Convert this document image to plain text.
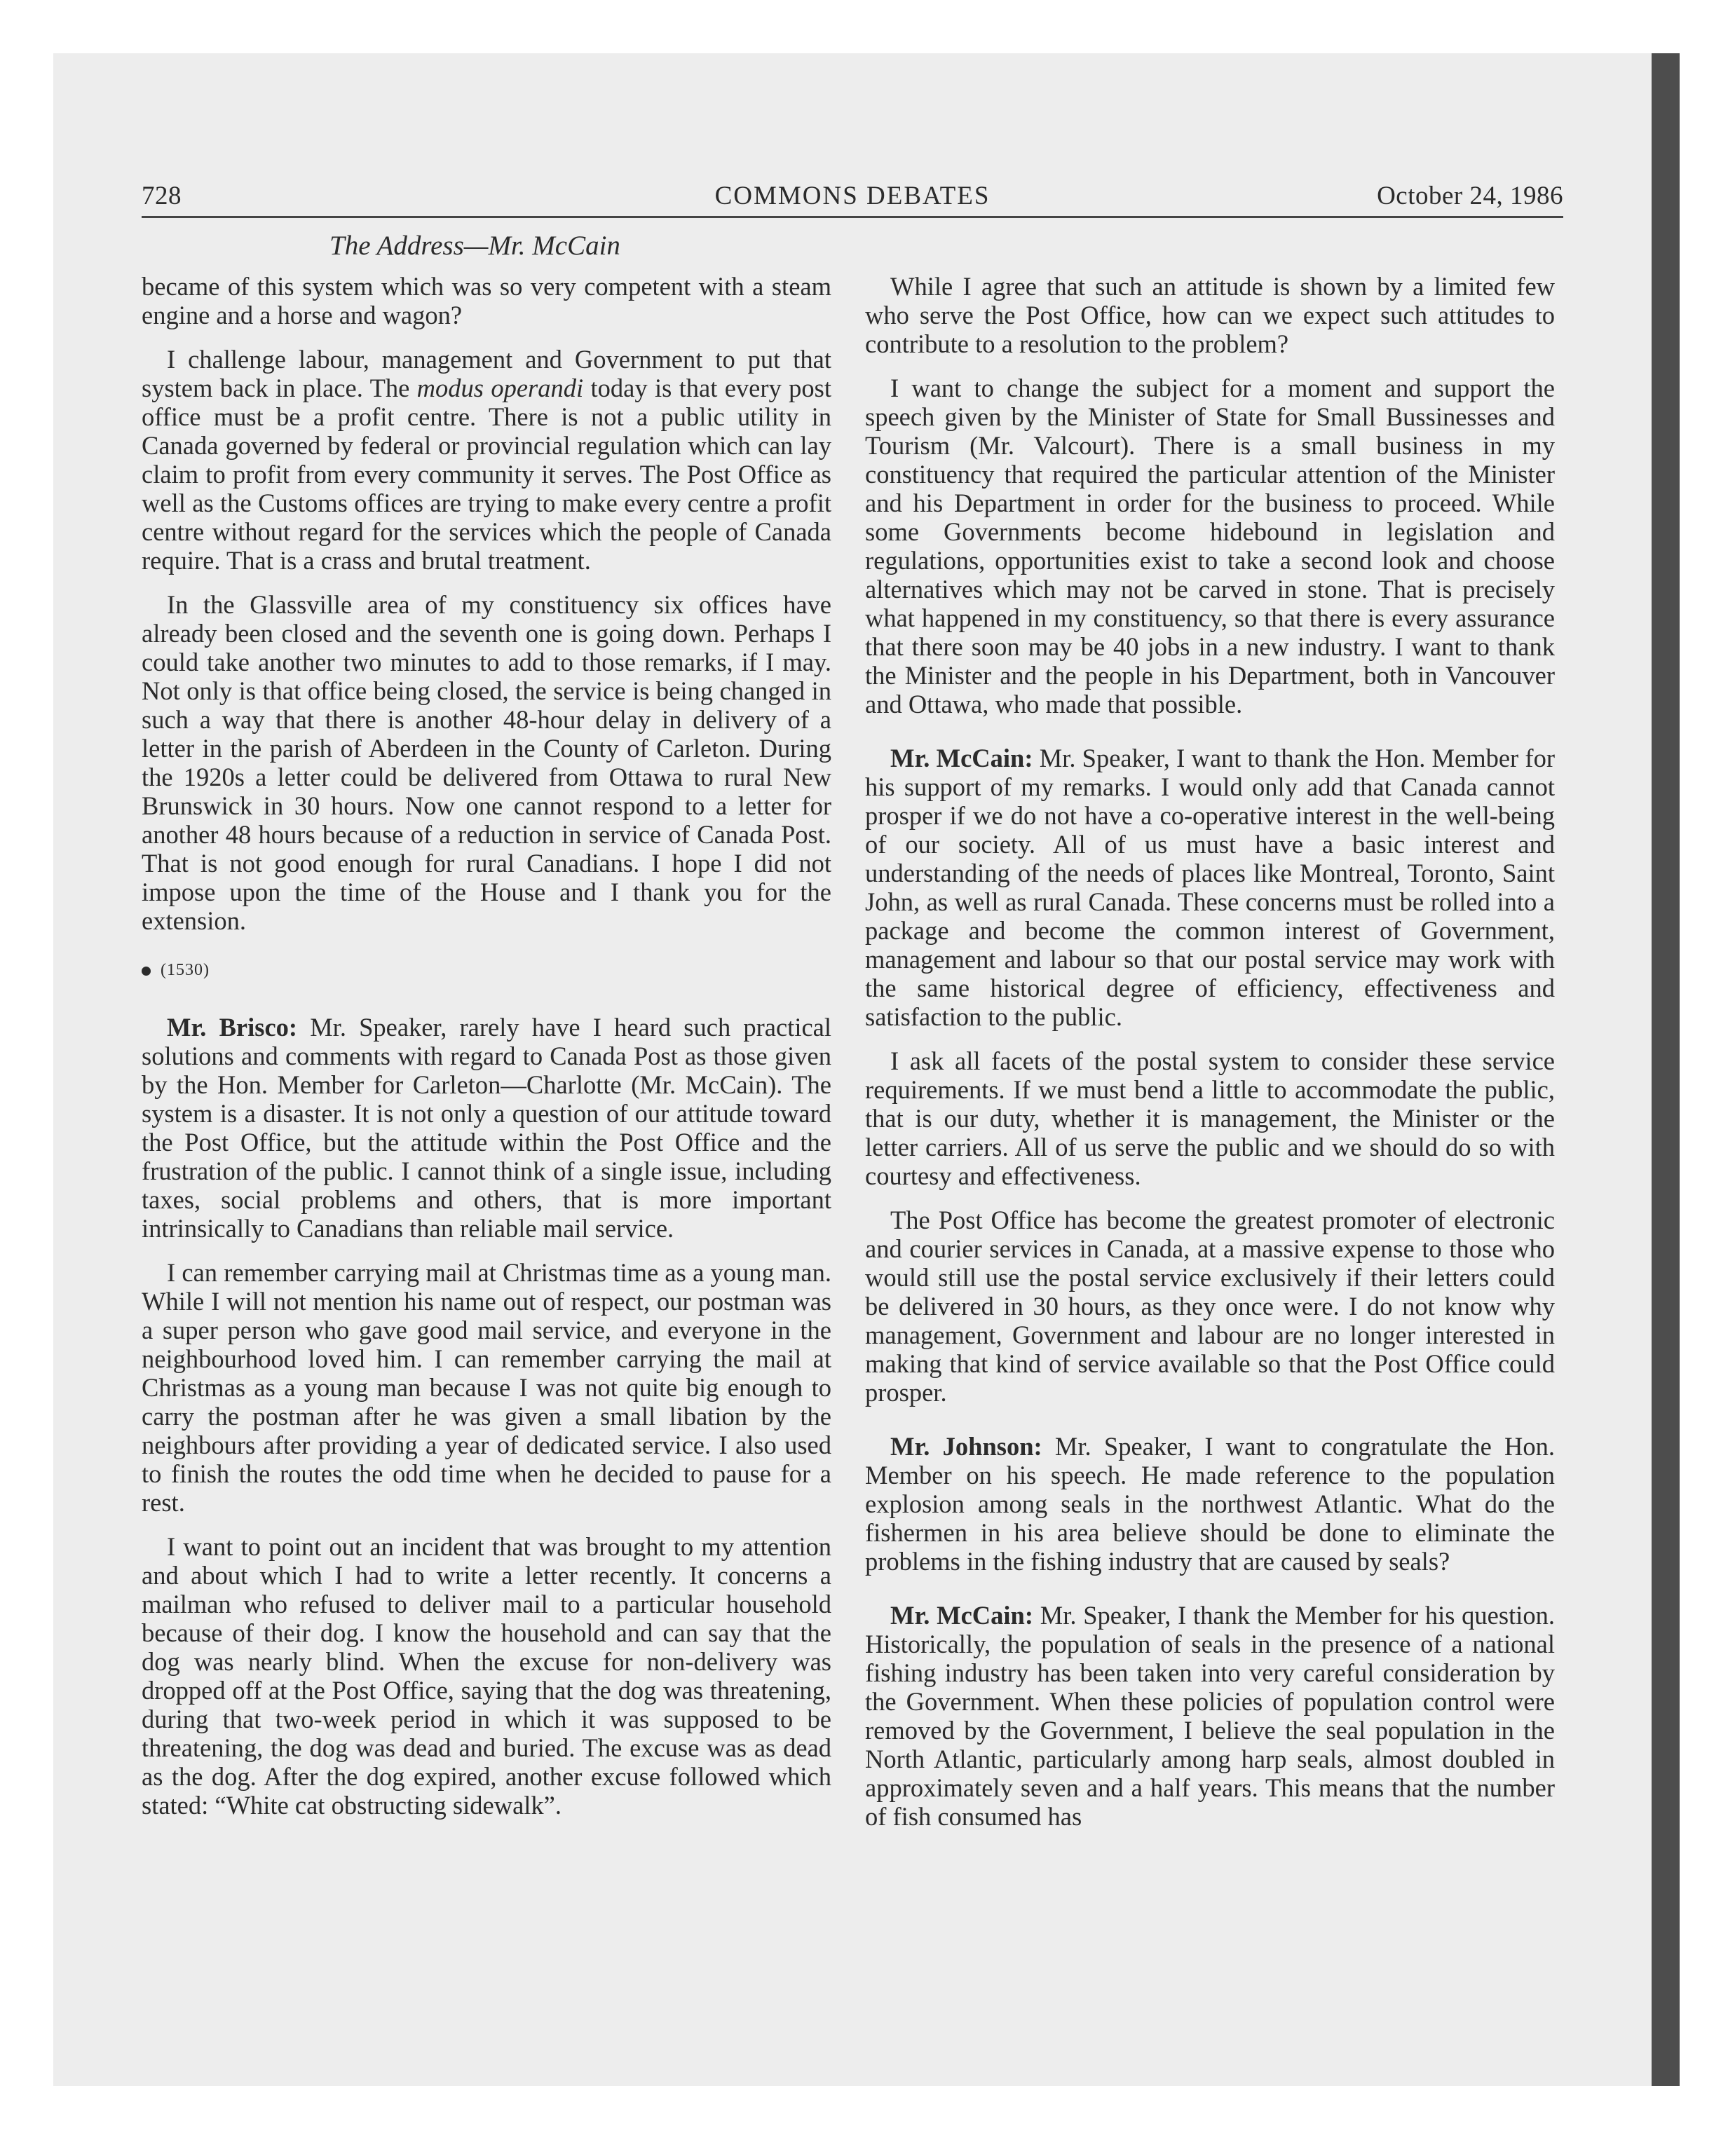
728	COMMONS DEBATES	October 24, 1986
The Address—Mr. McCain

became of this system which was so very competent with a steam engine and a horse and wagon?

I challenge labour, management and Government to put that system back in place. The modus operandi today is that every post office must be a profit centre. There is not a public utility in Canada governed by federal or provincial regulation which can lay claim to profit from every community it serves. The Post Office as well as the Customs offices are trying to make every centre a profit centre without regard for the services which the people of Canada require. That is a crass and brutal treatment.

In the Glassville area of my constituency six offices have already been closed and the seventh one is going down. Perhaps I could take another two minutes to add to those remarks, if I may. Not only is that office being closed, the service is being changed in such a way that there is another 48-hour delay in delivery of a letter in the parish of Aberdeen in the County of Carleton. During the 1920s a letter could be delivered from Ottawa to rural New Brunswick in 30 hours. Now one cannot respond to a letter for another 48 hours because of a reduction in service of Canada Post. That is not good enough for rural Canadians. I hope I did not impose upon the time of the House and I thank you for the extension.

(1530)

Mr. Brisco: Mr. Speaker, rarely have I heard such practical solutions and comments with regard to Canada Post as those given by the Hon. Member for Carleton—Charlotte (Mr. McCain). The system is a disaster. It is not only a question of our attitude toward the Post Office, but the attitude within the Post Office and the frustration of the public. I cannot think of a single issue, including taxes, social problems and others, that is more important intrinsically to Canadians than reliable mail service.

I can remember carrying mail at Christmas time as a young man. While I will not mention his name out of respect, our postman was a super person who gave good mail service, and everyone in the neighbourhood loved him. I can remember carrying the mail at Christmas as a young man because I was not quite big enough to carry the postman after he was given a small libation by the neighbours after providing a year of dedicated service. I also used to finish the routes the odd time when he decided to pause for a rest.

I want to point out an incident that was brought to my attention and about which I had to write a letter recently. It concerns a mailman who refused to deliver mail to a particular household because of their dog. I know the household and can say that the dog was nearly blind. When the excuse for non-delivery was dropped off at the Post Office, saying that the dog was threatening, during that two-week period in which it was supposed to be threatening, the dog was dead and buried. The excuse was as dead as the dog. After the dog expired, another excuse followed which stated: “White cat obstructing sidewalk”.

While I agree that such an attitude is shown by a limited few who serve the Post Office, how can we expect such attitudes to contribute to a resolution to the problem?

I want to change the subject for a moment and support the speech given by the Minister of State for Small Bussinesses and Tourism (Mr. Valcourt). There is a small business in my constituency that required the particular attention of the Minister and his Department in order for the business to proceed. While some Governments become hidebound in legislation and regulations, opportunities exist to take a second look and choose alternatives which may not be carved in stone. That is precisely what happened in my constituency, so that there is every assurance that there soon may be 40 jobs in a new industry. I want to thank the Minister and the people in his Department, both in Vancouver and Ottawa, who made that possible.

Mr. McCain: Mr. Speaker, I want to thank the Hon. Member for his support of my remarks. I would only add that Canada cannot prosper if we do not have a co-operative interest in the well-being of our society. All of us must have a basic interest and understanding of the needs of places like Montreal, Toronto, Saint John, as well as rural Canada. These concerns must be rolled into a package and become the common interest of Government, management and labour so that our postal service may work with the same historical degree of efficiency, effectiveness and satisfaction to the public.

I ask all facets of the postal system to consider these service requirements. If we must bend a little to accommodate the public, that is our duty, whether it is management, the Minister or the letter carriers. All of us serve the public and we should do so with courtesy and effectiveness.

The Post Office has become the greatest promoter of electronic and courier services in Canada, at a massive expense to those who would still use the postal service exclusively if their letters could be delivered in 30 hours, as they once were. I do not know why management, Government and labour are no longer interested in making that kind of service available so that the Post Office could prosper.

Mr. Johnson: Mr. Speaker, I want to congratulate the Hon. Member on his speech. He made reference to the population explosion among seals in the northwest Atlantic. What do the fishermen in his area believe should be done to eliminate the problems in the fishing industry that are caused by seals?

Mr. McCain: Mr. Speaker, I thank the Member for his question. Historically, the population of seals in the presence of a national fishing industry has been taken into very careful consideration by the Government. When these policies of population control were removed by the Government, I believe the seal population in the North Atlantic, particularly among harp seals, almost doubled in approximately seven and a half years. This means that the number of fish consumed has
